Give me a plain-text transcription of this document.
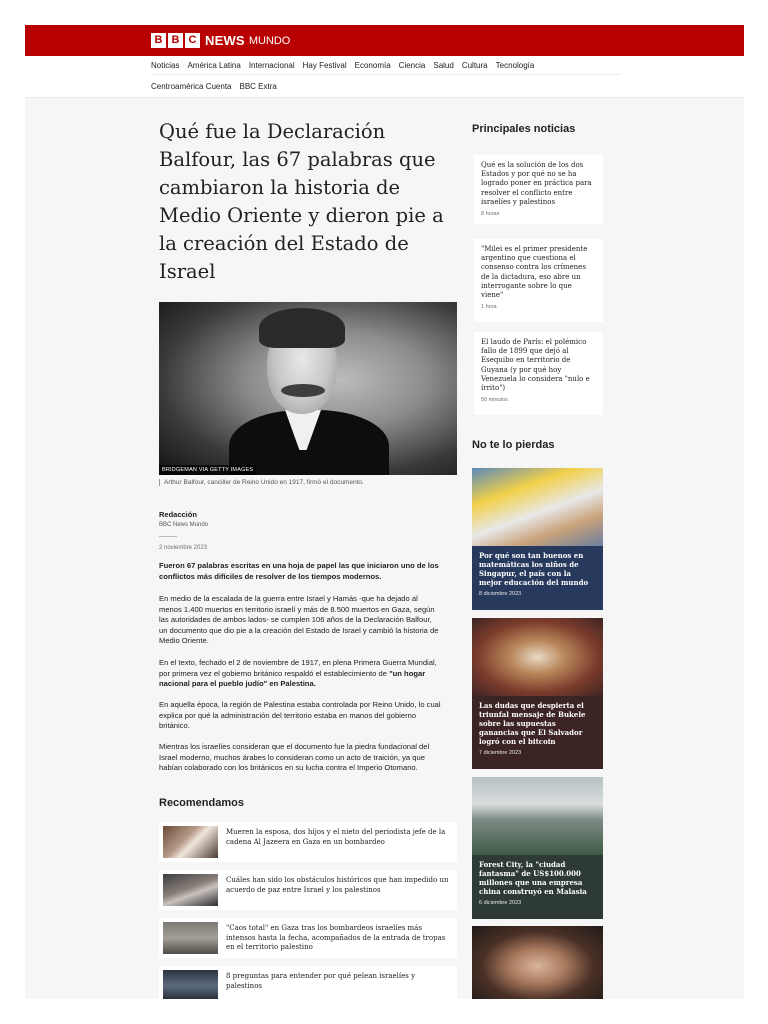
B B C NEWS MUNDO
Noticias América Latina Internacional Hay Festival Economía Ciencia Salud Cultura Tecnología
Centroamérica Cuenta BBC Extra
Qué fue la Declaración Balfour, las 67 palabras que cambiaron la historia de Medio Oriente y dieron pie a la creación del Estado de Israel
BRIDGEMAN VIA GETTY IMAGES
Arthur Balfour, canciller de Reino Unido en 1917, firmó el documento.
Redacción
BBC News Mundo
2 noviembre 2023

Fueron 67 palabras escritas en una hoja de papel las que iniciaron uno de los conflictos más difíciles de resolver de los tiempos modernos.

En medio de la escalada de la guerra entre Israel y Hamás -que ha dejado al menos 1.400 muertos en territorio israelí y más de 8.500 muertos en Gaza, según las autoridades de ambos lados- se cumplen 106 años de la Declaración Balfour, un documento que dio pie a la creación del Estado de Israel y cambió la historia de Medio Oriente.

En el texto, fechado el 2 de noviembre de 1917, en plena Primera Guerra Mundial, por primera vez el gobierno británico respaldó el establecimiento de "un hogar nacional para el pueblo judío" en Palestina.

En aquella época, la región de Palestina estaba controlada por Reino Unido, lo cual explica por qué la administración del territorio estaba en manos del gobierno británico.

Mientras los israelíes consideran que el documento fue la piedra fundacional del Israel moderno, muchos árabes lo consideran como un acto de traición, ya que habían colaborado con los británicos en su lucha contra el Imperio Otomano.

Recomendamos
Mueren la esposa, dos hijos y el nieto del periodista jefe de la cadena Al Jazeera en Gaza en un bombardeo
Cuáles han sido los obstáculos históricos que han impedido un acuerdo de paz entre Israel y los palestinos
"Caos total" en Gaza tras los bombardeos israelíes más intensos hasta la fecha, acompañados de la entrada de tropas en el territorio palestino
8 preguntas para entender por qué pelean israelíes y palestinos
Principales noticias
Qué es la solución de los dos Estados y por qué no se ha logrado poner en práctica para resolver el conflicto entre israelíes y palestinos
8 horas
"Milei es el primer presidente argentino que cuestiona el consenso contra los crímenes de la dictadura, eso abre un interrogante sobre lo que viene"
1 hora
El laudo de París: el polémico fallo de 1899 que dejó al Esequibo en territorio de Guyana (y por qué hoy Venezuela lo considera "nulo e írrito")
50 minutos
No te lo pierdas
Por qué son tan buenos en matemáticas los niños de Singapur, el país con la mejor educación del mundo
8 diciembre 2023
Las dudas que despierta el triunfal mensaje de Bukele sobre las supuestas ganancias que El Salvador logró con el bitcoin
7 diciembre 2023
Forest City, la "ciudad fantasma" de US$100.000 millones que una empresa china construyó en Malasia
6 diciembre 2023
